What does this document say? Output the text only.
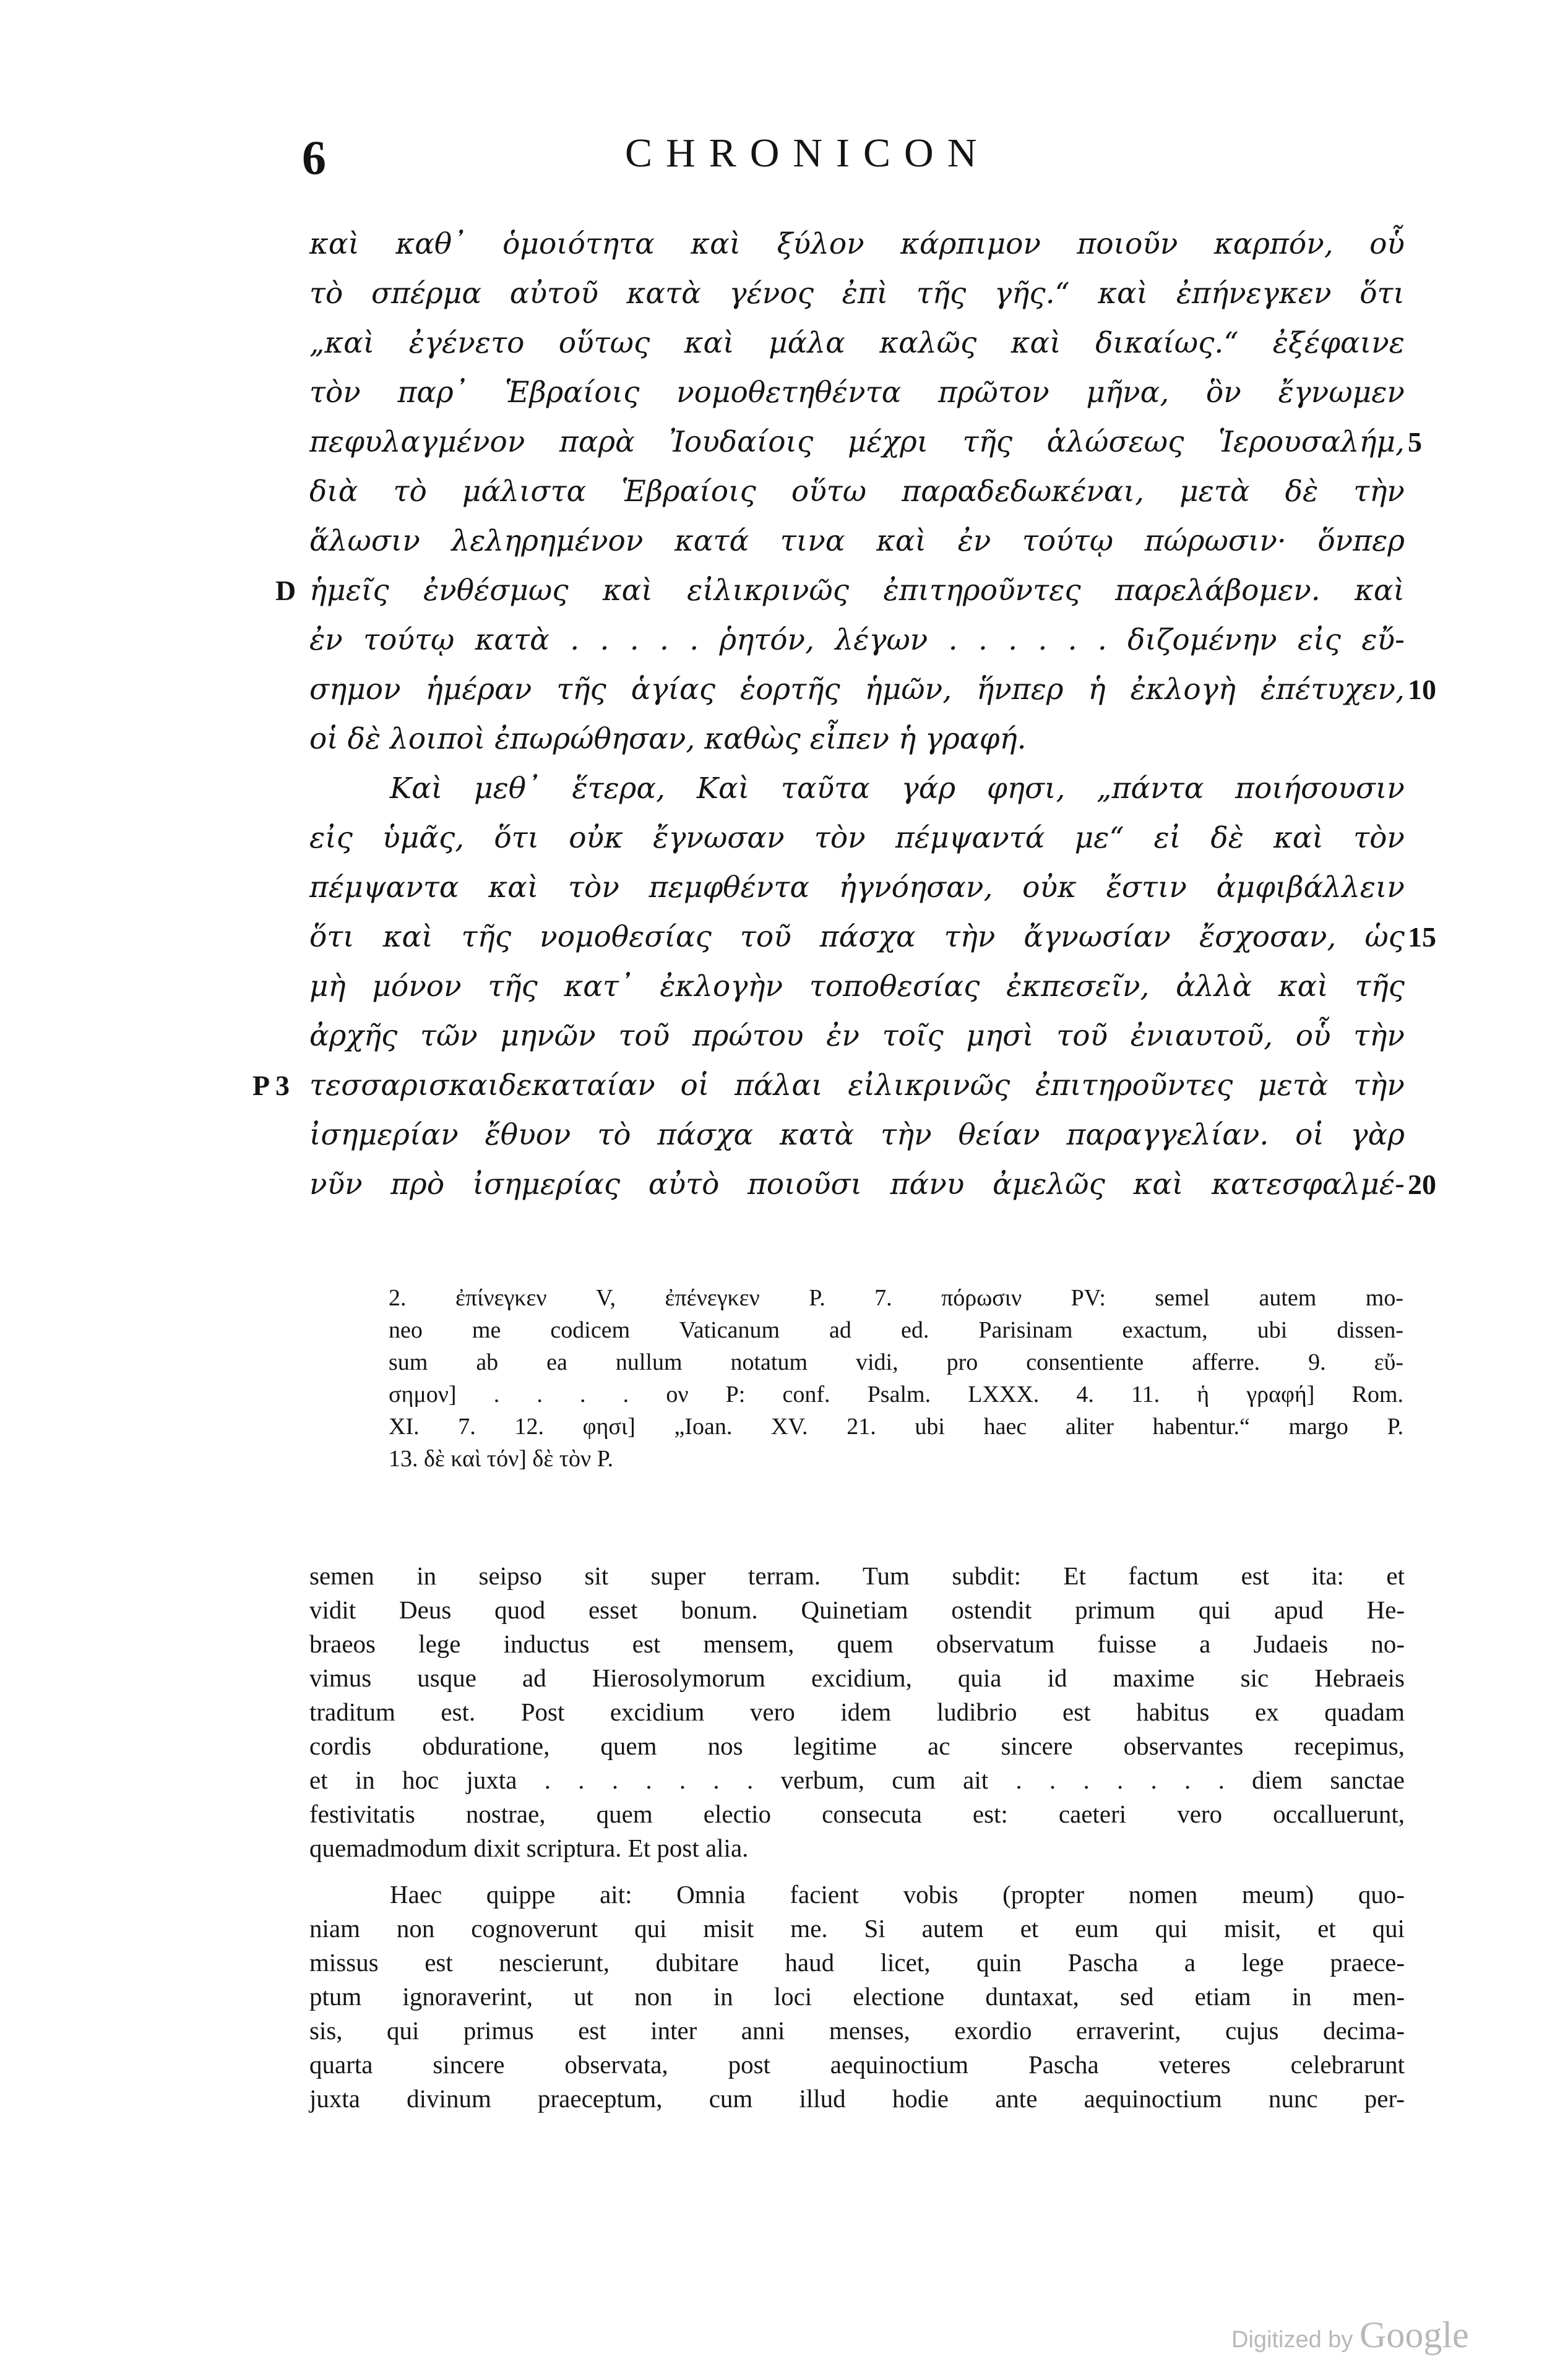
6	CHRONICON
καὶ καθ᾽ ὁμοιότητα καὶ ξύλον κάρπιμον ποιοῦν καρπόν, οὗ
τὸ σπέρμα αὐτοῦ κατὰ γένος ἐπὶ τῆς γῆς.“ καὶ ἐπήνεγκεν ὅτι
„καὶ ἐγένετο οὕτως καὶ μάλα καλῶς καὶ δικαίως.“ ἐξέφαινε
τὸν παρ᾽ Ἑβραίοις νομοθετηθέντα πρῶτον μῆνα, ὃν ἔγνωμεν
πεφυλαγμένον παρὰ Ἰουδαίοις μέχρι τῆς ἁλώσεως Ἱερουσαλήμ, 5
διὰ τὸ μάλιστα Ἑβραίοις οὕτω παραδεδωκέναι, μετὰ δὲ τὴν
ἅλωσιν λεληρημένον κατά τινα καὶ ἐν τούτῳ πώρωσιν· ὅνπερ
D ἡμεῖς ἐνθέσμως καὶ εἰλικρινῶς ἐπιτηροῦντες παρελάβομεν. καὶ
ἐν τούτῳ κατὰ . . . . . ῥητόν, λέγων . . . . . . διζομένην εἰς εὔ-
σημον ἡμέραν τῆς ἁγίας ἑορτῆς ἡμῶν, ἥνπερ ἡ ἐκλογὴ ἐπέτυχεν, 10
οἱ δὲ λοιποὶ ἐπωρώθησαν, καθὼς εἶπεν ἡ γραφή.
Καὶ μεθ᾽ ἕτερα, Καὶ ταῦτα γάρ φησι, „πάντα ποιήσουσιν
εἰς ὑμᾶς, ὅτι οὐκ ἔγνωσαν τὸν πέμψαντά με“ εἰ δὲ καὶ τὸν
πέμψαντα καὶ τὸν πεμφθέντα ἠγνόησαν, οὐκ ἔστιν ἀμφιβάλλειν
ὅτι καὶ τῆς νομοθεσίας τοῦ πάσχα τὴν ἄγνωσίαν ἔσχοσαν, ὡς 15
μὴ μόνον τῆς κατ᾽ ἐκλογὴν τοποθεσίας ἐκπεσεῖν, ἀλλὰ καὶ τῆς
ἀρχῆς τῶν μηνῶν τοῦ πρώτου ἐν τοῖς μησὶ τοῦ ἐνιαυτοῦ, οὗ τὴν
P 3 τεσσαρισκαιδεκαταίαν οἱ πάλαι εἰλικρινῶς ἐπιτηροῦντες μετὰ τὴν
ἰσημερίαν ἔθυον τὸ πάσχα κατὰ τὴν θείαν παραγγελίαν. οἱ γὰρ
νῦν πρὸ ἰσημερίας αὐτὸ ποιοῦσι πάνυ ἀμελῶς καὶ κατεσφαλμέ- 20
2. ἐπίνεγκεν V, ἐπένεγκεν P. 7. πόρωσιν PV: semel autem mo-
neo me codicem Vaticanum ad ed. Parisinam exactum, ubi dissen-
sum ab ea nullum notatum vidi, pro consentiente afferre. 9. εὔ-
σημον] . . . . ον P: conf. Psalm. LXXX. 4. 11. ἡ γραφή] Rom.
XI. 7. 12. φησι] „Ioan. XV. 21. ubi haec aliter habentur.“ margo P.
13. δὲ καὶ τόν] δὲ τὸν P.
semen in seipso sit super terram. Tum subdit: Et factum est ita: et
vidit Deus quod esset bonum. Quinetiam ostendit primum qui apud He-
braeos lege inductus est mensem, quem observatum fuisse a Judaeis no-
vimus usque ad Hierosolymorum excidium, quia id maxime sic Hebraeis
traditum est. Post excidium vero idem ludibrio est habitus ex quadam
cordis obduratione, quem nos legitime ac sincere observantes recepimus,
et in hoc juxta . . . . . . . verbum, cum ait . . . . . . . diem sanctae
festivitatis nostrae, quem electio consecuta est: caeteri vero occalluerunt,
quemadmodum dixit scriptura. Et post alia.
Haec quippe ait: Omnia facient vobis (propter nomen meum) quo-
niam non cognoverunt qui misit me. Si autem et eum qui misit, et qui
missus est nescierunt, dubitare haud licet, quin Pascha a lege praece-
ptum ignoraverint, ut non in loci electione duntaxat, sed etiam in men-
sis, qui primus est inter anni menses, exordio erraverint, cujus decima-
quarta sincere observata, post aequinoctium Pascha veteres celebrarunt
juxta divinum praeceptum, cum illud hodie ante aequinoctium nunc per-
Digitized by Google
